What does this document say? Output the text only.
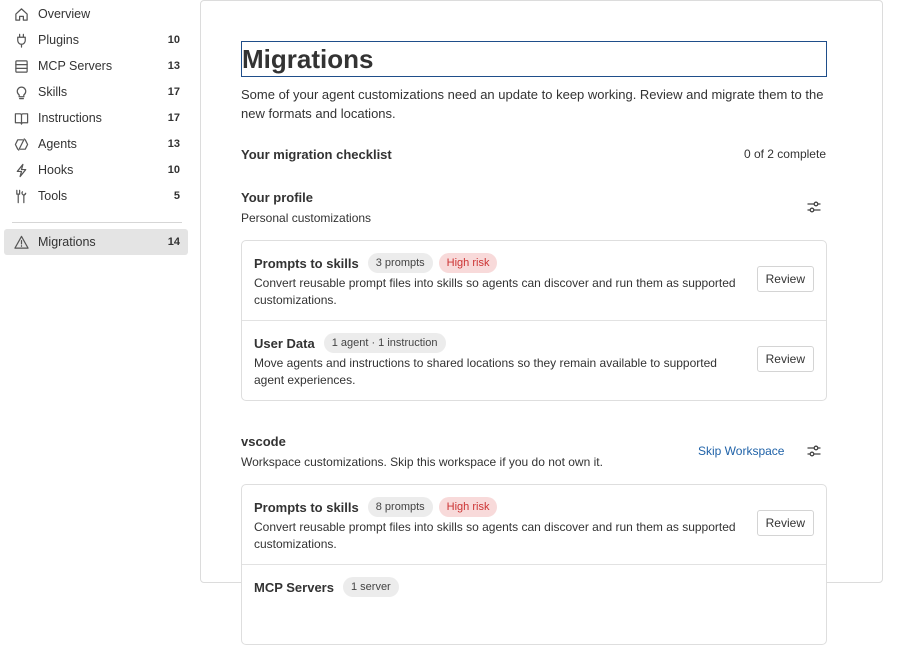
Overview
Plugins	10
MCP Servers	13
Skills	17
Instructions	17
Agents	13
Hooks	10
Tools	5
Migrations	14
Migrations
Some of your agent customizations need an update to keep working. Review and migrate them to the new formats and locations.
Your migration checklist	0 of 2 complete
Your profile
Personal customizations
Prompts to skills	3 prompts	High risk
Convert reusable prompt files into skills so agents can discover and run them as supported customizations.
Review
User Data	1 agent · 1 instruction
Move agents and instructions to shared locations so they remain available to supported agent experiences.
Review
vscode
Workspace customizations. Skip this workspace if you do not own it.
Skip Workspace
Prompts to skills	8 prompts	High risk
Convert reusable prompt files into skills so agents can discover and run them as supported customizations.
Review
MCP Servers	1 server
